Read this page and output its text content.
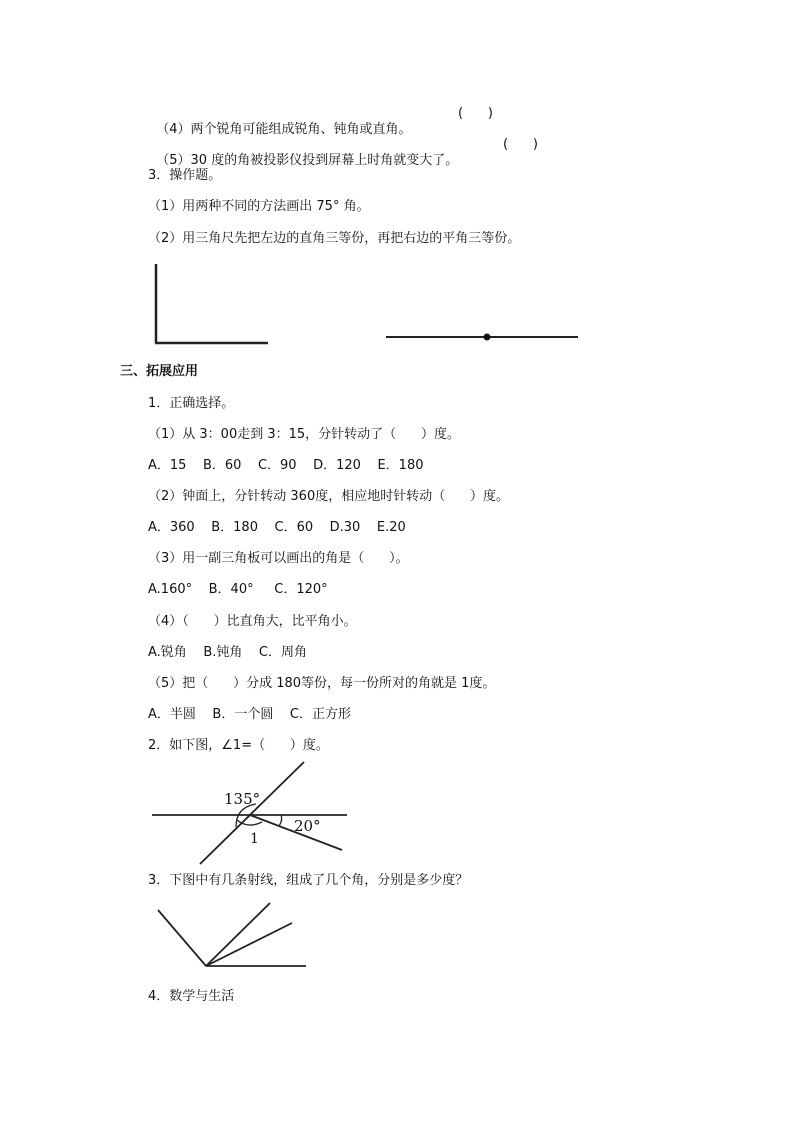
（4）两个锐角可能组成锐角、钝角或直角。

(      )

（5）30 度的角被投影仪投到屏幕上时角就变大了。

(      )
3．操作题。
（1）用两种不同的方法画出 75° 角。
（2）用三角尺先把左边的直角三等份，再把右边的平角三等份。
三、拓展应用
1．正确选择。
（1）从 3：00走到 3：15，分针转动了（      ）度。
A．15    B．60    C．90    D．120    E．180
（2）钟面上，分针转动 360度，相应地时针转动（      ）度。
A．360    B．180    C．60    D.30    E.20
（3）用一副三角板可以画出的角是（      ）。
A.160°    B．40°     C．120°
（4）（      ）比直角大，比平角小。
A.锐角    B.钝角    C．周角
（5）把（      ）分成 180等份，每一份所对的角就是 1度。
A．半圆    B．一个圆    C．正方形
2．如下图，∠1=（      ）度。
135°
1
20°
3．下图中有几条射线，组成了几个角，分别是多少度？
4．数学与生活
